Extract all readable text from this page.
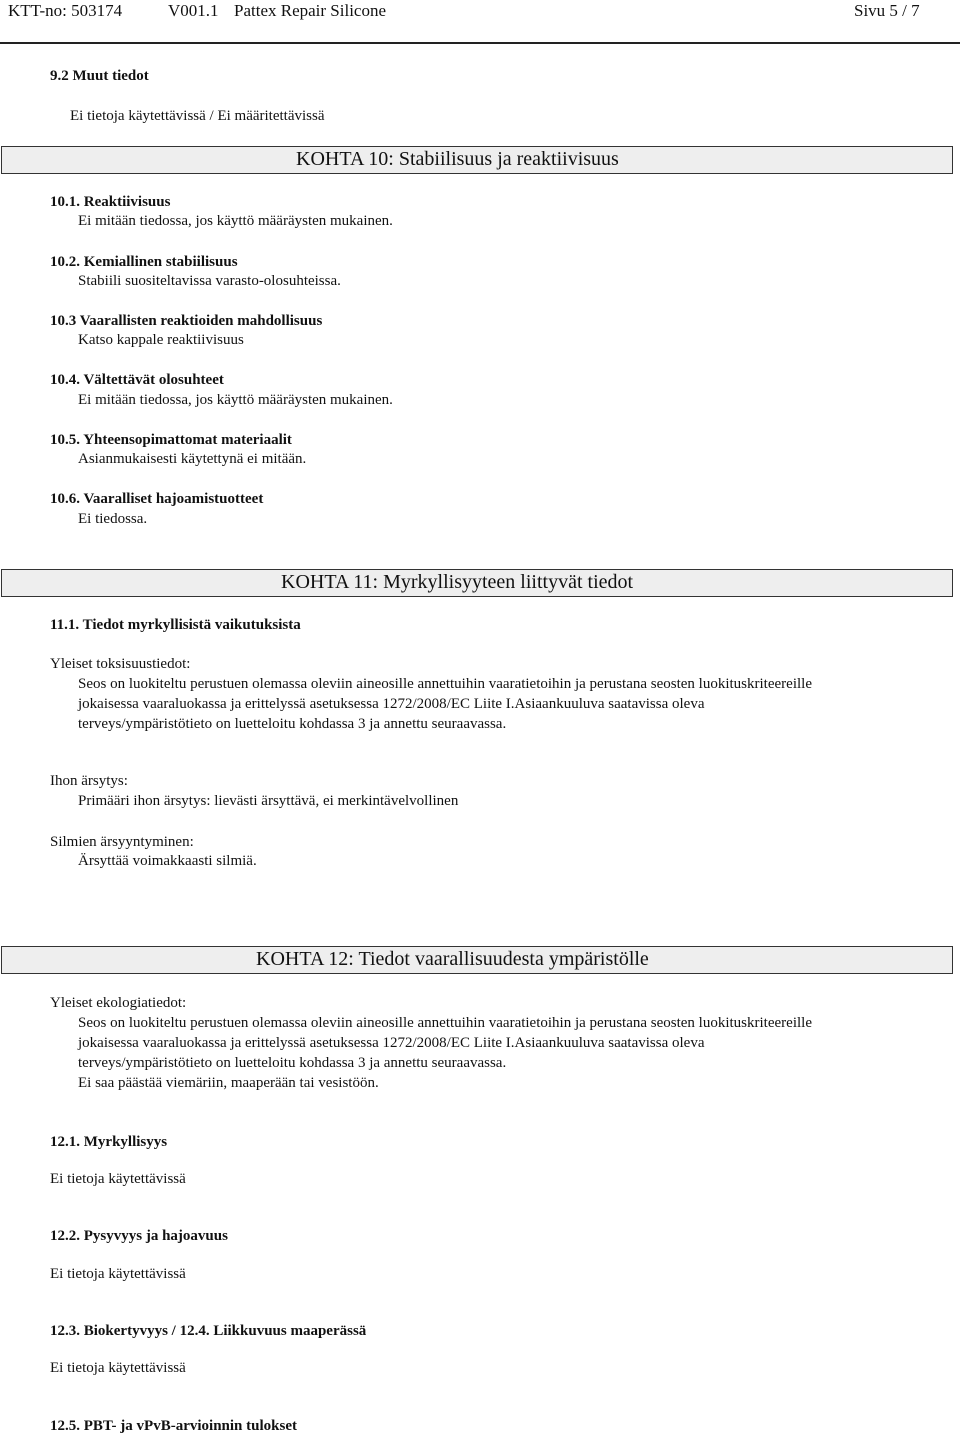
KTT-no: 503174	V001.1 Pattex Repair Silicone	Sivu 5 / 7
9.2 Muut tiedot
Ei tietoja käytettävissä / Ei määritettävissä
KOHTA 10: Stabiilisuus ja reaktiivisuus
10.1. Reaktiivisuus
Ei mitään tiedossa, jos käyttö määräysten mukainen.
10.2. Kemiallinen stabiilisuus
Stabiili suositeltavissa varasto-olosuhteissa.
10.3 Vaarallisten reaktioiden mahdollisuus
Katso kappale reaktiivisuus
10.4. Vältettävät olosuhteet
Ei mitään tiedossa, jos käyttö määräysten mukainen.
10.5. Yhteensopimattomat materiaalit
Asianmukaisesti käytettynä ei mitään.
10.6. Vaaralliset hajoamistuotteet
Ei tiedossa.
KOHTA 11: Myrkyllisyyteen liittyvät tiedot
11.1. Tiedot myrkyllisistä vaikutuksista
Yleiset toksisuustiedot:
Seos on luokiteltu perustuen olemassa oleviin aineosille annettuihin vaaratietoihin ja perustana seosten luokituskriteereille
jokaisessa vaaraluokassa ja erittelyssä asetuksessa 1272/2008/EC Liite I.Asiaankuuluva saatavissa oleva
terveys/ympäristötieto on luetteloitu kohdassa 3 ja annettu seuraavassa.
Ihon ärsytys:
Primääri ihon ärsytys: lievästi ärsyttävä, ei merkintävelvollinen
Silmien ärsyyntyminen:
Ärsyttää voimakkaasti silmiä.
KOHTA 12: Tiedot vaarallisuudesta ympäristölle
Yleiset ekologiatiedot:
Seos on luokiteltu perustuen olemassa oleviin aineosille annettuihin vaaratietoihin ja perustana seosten luokituskriteereille
jokaisessa vaaraluokassa ja erittelyssä asetuksessa 1272/2008/EC Liite I.Asiaankuuluva saatavissa oleva
terveys/ympäristötieto on luetteloitu kohdassa 3 ja annettu seuraavassa.
Ei saa päästää viemäriin, maaperään tai vesistöön.
12.1. Myrkyllisyys
Ei tietoja käytettävissä
12.2. Pysyvyys ja hajoavuus
Ei tietoja käytettävissä
12.3. Biokertyvyys / 12.4. Liikkuvuus maaperässä
Ei tietoja käytettävissä
12.5. PBT- ja vPvB-arvioinnin tulokset
